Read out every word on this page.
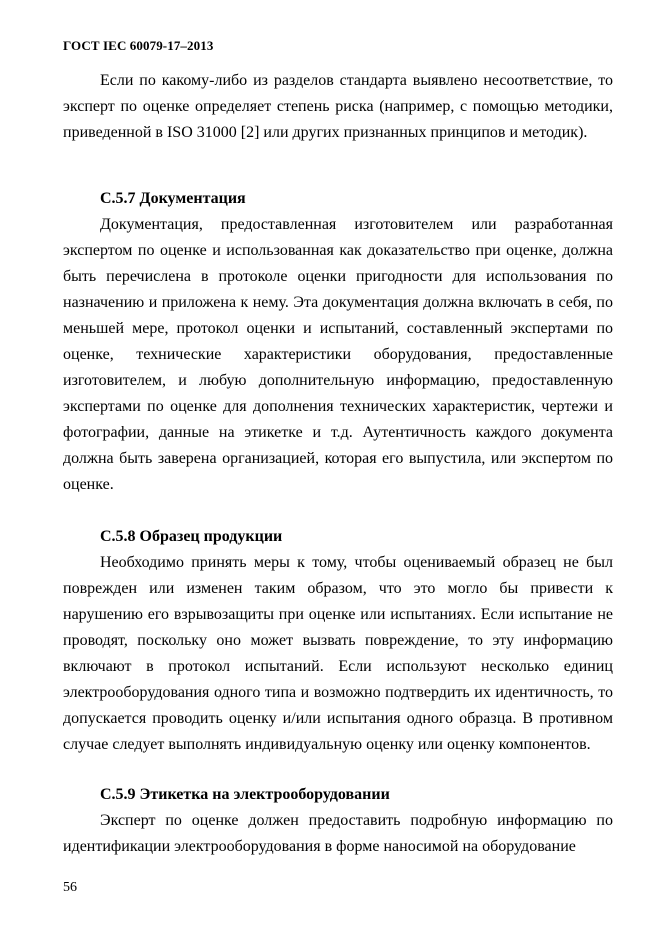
ГОСТ IEC 60079-17–2013

Если по какому-либо из разделов стандарта выявлено несоответствие, то эксперт по оценке определяет степень риска (например, с помощью методики, приведенной в ISO 31000 [2] или других признанных принципов и методик).

С.5.7 Документация

Документация, предоставленная изготовителем или разработанная экспертом по оценке и использованная как доказательство при оценке, должна быть перечислена в протоколе оценки пригодности для использования по назначению и приложена к нему. Эта документация должна включать в себя, по меньшей мере, протокол оценки и испытаний, составленный экспертами по оценке, технические характеристики оборудования, предоставленные изготовителем, и любую дополнительную информацию, предоставленную экспертами по оценке для дополнения технических характеристик, чертежи и фотографии, данные на этикетке и т.д. Аутентичность каждого документа должна быть заверена организацией, которая его выпустила, или экспертом по оценке.

С.5.8 Образец продукции

Необходимо принять меры к тому, чтобы оцениваемый образец не был поврежден или изменен таким образом, что это могло бы привести к нарушению его взрывозащиты при оценке или испытаниях. Если испытание не проводят, поскольку оно может вызвать повреждение, то эту информацию включают в протокол испытаний. Если используют несколько единиц электрооборудования одного типа и возможно подтвердить их идентичность, то допускается проводить оценку и/или испытания одного образца. В противном случае следует выполнять индивидуальную оценку или оценку компонентов.

С.5.9 Этикетка на электрооборудовании

Эксперт по оценке должен предоставить подробную информацию по идентификации электрооборудования в форме наносимой на оборудование

56
